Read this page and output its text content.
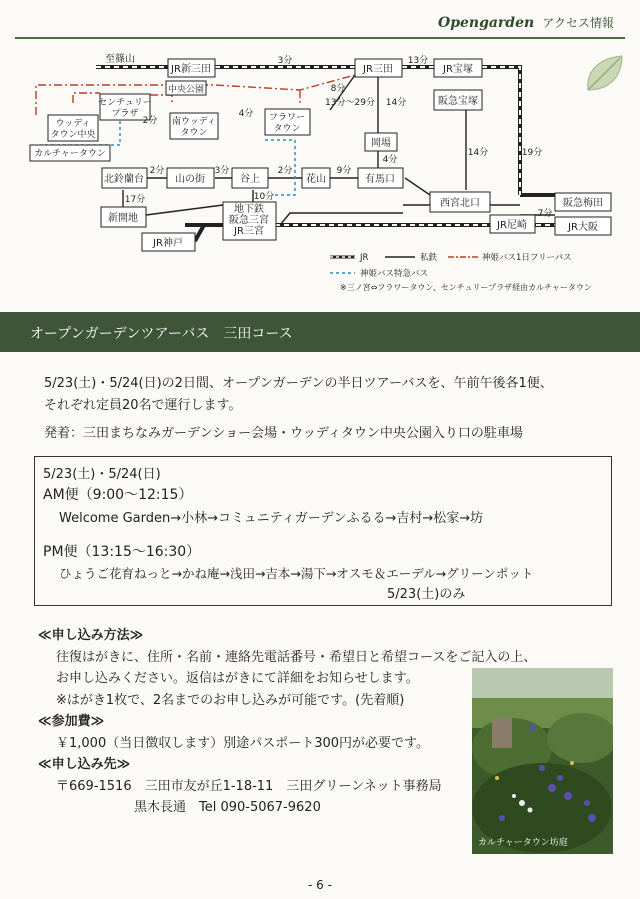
Opengarden アクセス情報
至篠山
JR新三田	JR三田	JR宝塚
中央公園
センチュリープラザ
ウッディタウン中央
南ウッディタウン
フラワータウン
カルチャータウン
阪急宝塚
岡場
北鈴蘭台	山の街	谷上	花山	有馬口
西宮北口
新開地
地下鉄阪急三宮 JR三宮
JR神戸
JR尼崎
阪急梅田
JR大阪
3分	13分
2分
4分
8分
13分〜29分 14分
4分
14分	19分
2分	3分	2分	9分
17分	10分
7分
JR	私鉄	神姫バス1日フリーパス
神姫バス特急バス
※三ノ宮⇔フラワータウン、センチュリープラザ経由カルチャータウン
オープンガーデンツアーバス　三田コース

5/23(土)・5/24(日)の2日間、オープンガーデンの半日ツアーバスを、午前午後各1便、

それぞれ定員20名で運行します。

発着：三田まちなみガーデンショー会場・ウッディタウン中央公園入り口の駐車場

5/23(土)・5/24(日)
AM便（9:00〜12:15）
Welcome Garden→小林→コミュニティガーデンふるる→吉村→松家→坊
PM便（13:15〜16:30）
ひょうご花育ねっと→かね庵→浅田→吉本→湯下→オスモ＆エーデル→グリーンポット
5/23(土)のみ
≪申し込み方法≫
往復はがきに、住所・名前・連絡先電話番号・希望日と希望コースをご記入の上、
お申し込みください。返信はがきにて詳細をお知らせします。
※はがき1枚で、2名までのお申し込みが可能です。(先着順)
≪参加費≫
￥1,000（当日徴収します）別途パスポート300円が必要です。
≪申し込み先≫
〒669-1516　三田市友が丘1-18-11　三田グリーンネット事務局
黒木長通　Tel 090-5067-9620
カルチャータウン坊庭
- 6 -
